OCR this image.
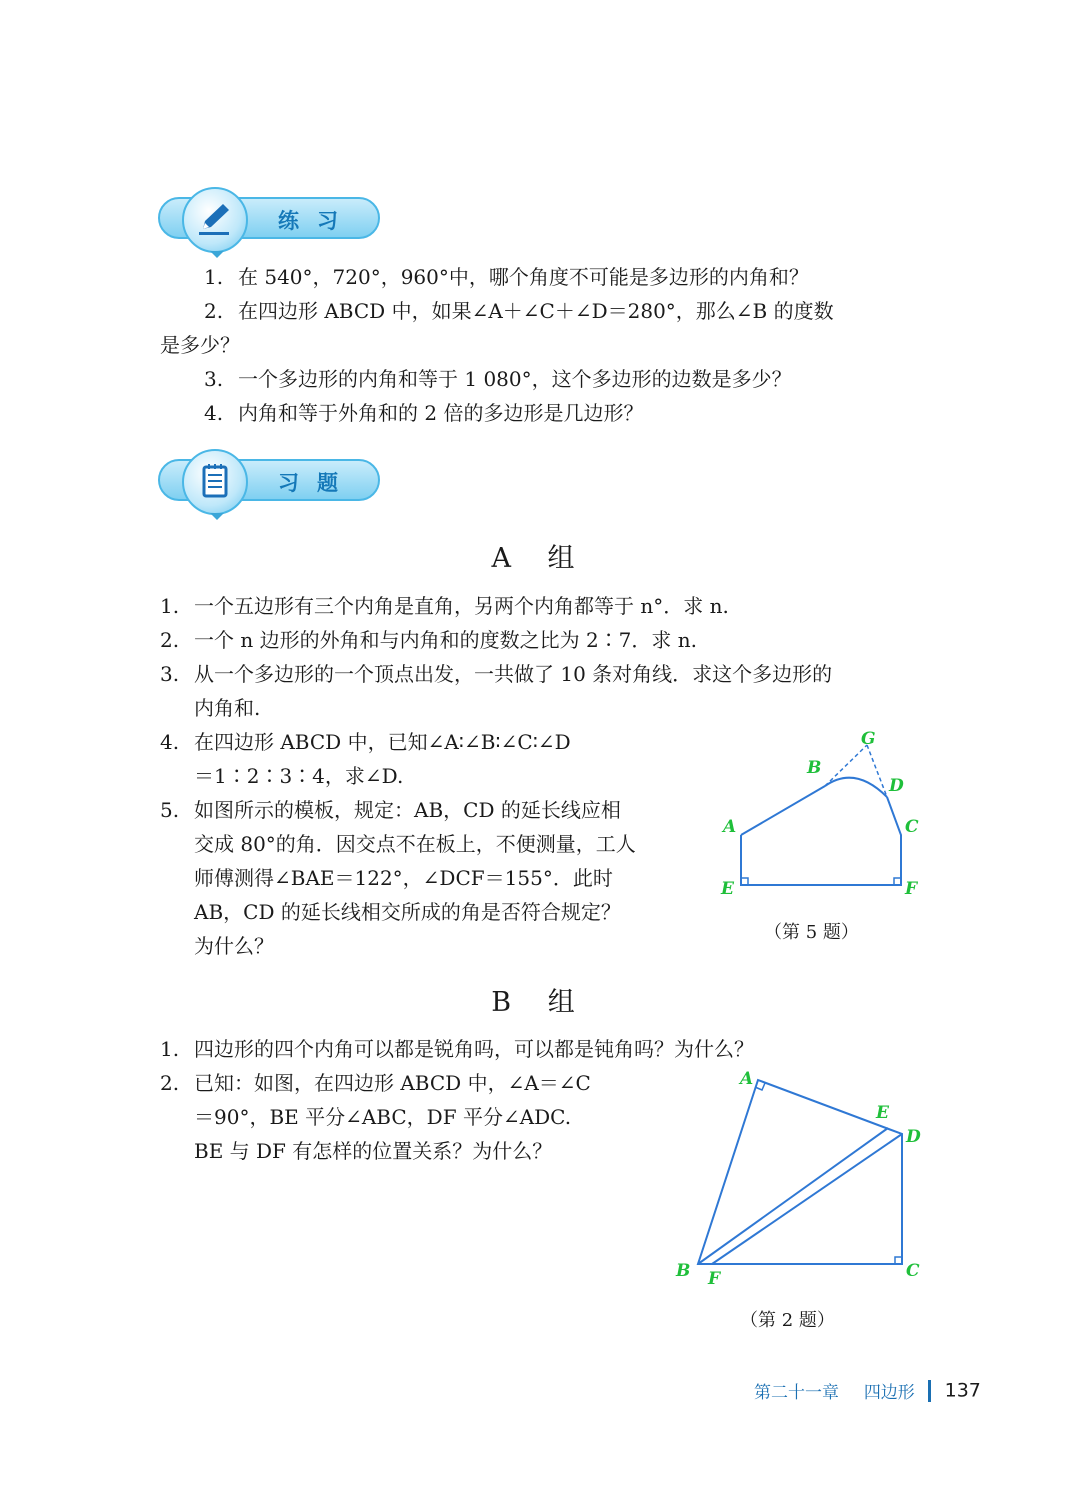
练习
1. 在 540°，720°，960°中，哪个角度不可能是多边形的内角和？
2. 在四边形 ABCD 中，如果∠A＋∠C＋∠D＝280°，那么∠B 的度数
是多少？
3. 一个多边形的内角和等于 1 080°，这个多边形的边数是多少？
4. 内角和等于外角和的 2 倍的多边形是几边形？
习题
A 组
1. 一个五边形有三个内角是直角，另两个内角都等于 n°．求 n.
2. 一个 n 边形的外角和与内角和的度数之比为 2∶7．求 n.
3. 从一个多边形的一个顶点出发，一共做了 10 条对角线．求这个多边形的
内角和.
4. 在四边形 ABCD 中，已知∠A∶∠B∶∠C∶∠D
＝1∶2∶3∶4，求∠D.
5. 如图所示的模板，规定：AB，CD 的延长线应相
交成 80°的角．因交点不在板上，不便测量，工人
师傅测得∠BAE＝122°，∠DCF＝155°．此时
AB，CD 的延长线相交所成的角是否符合规定？
为什么？
A
B
C
D
E	F
G
（第 5 题）
B 组
1. 四边形的四个内角可以都是锐角吗，可以都是钝角吗？为什么？
2. 已知：如图，在四边形 ABCD 中，∠A＝∠C
＝90°，BE 平分∠ABC，DF 平分∠ADC.
BE 与 DF 有怎样的位置关系？为什么？
A
B	C
D
E
F
（第 2 题）
第二十一章 四边形 137
